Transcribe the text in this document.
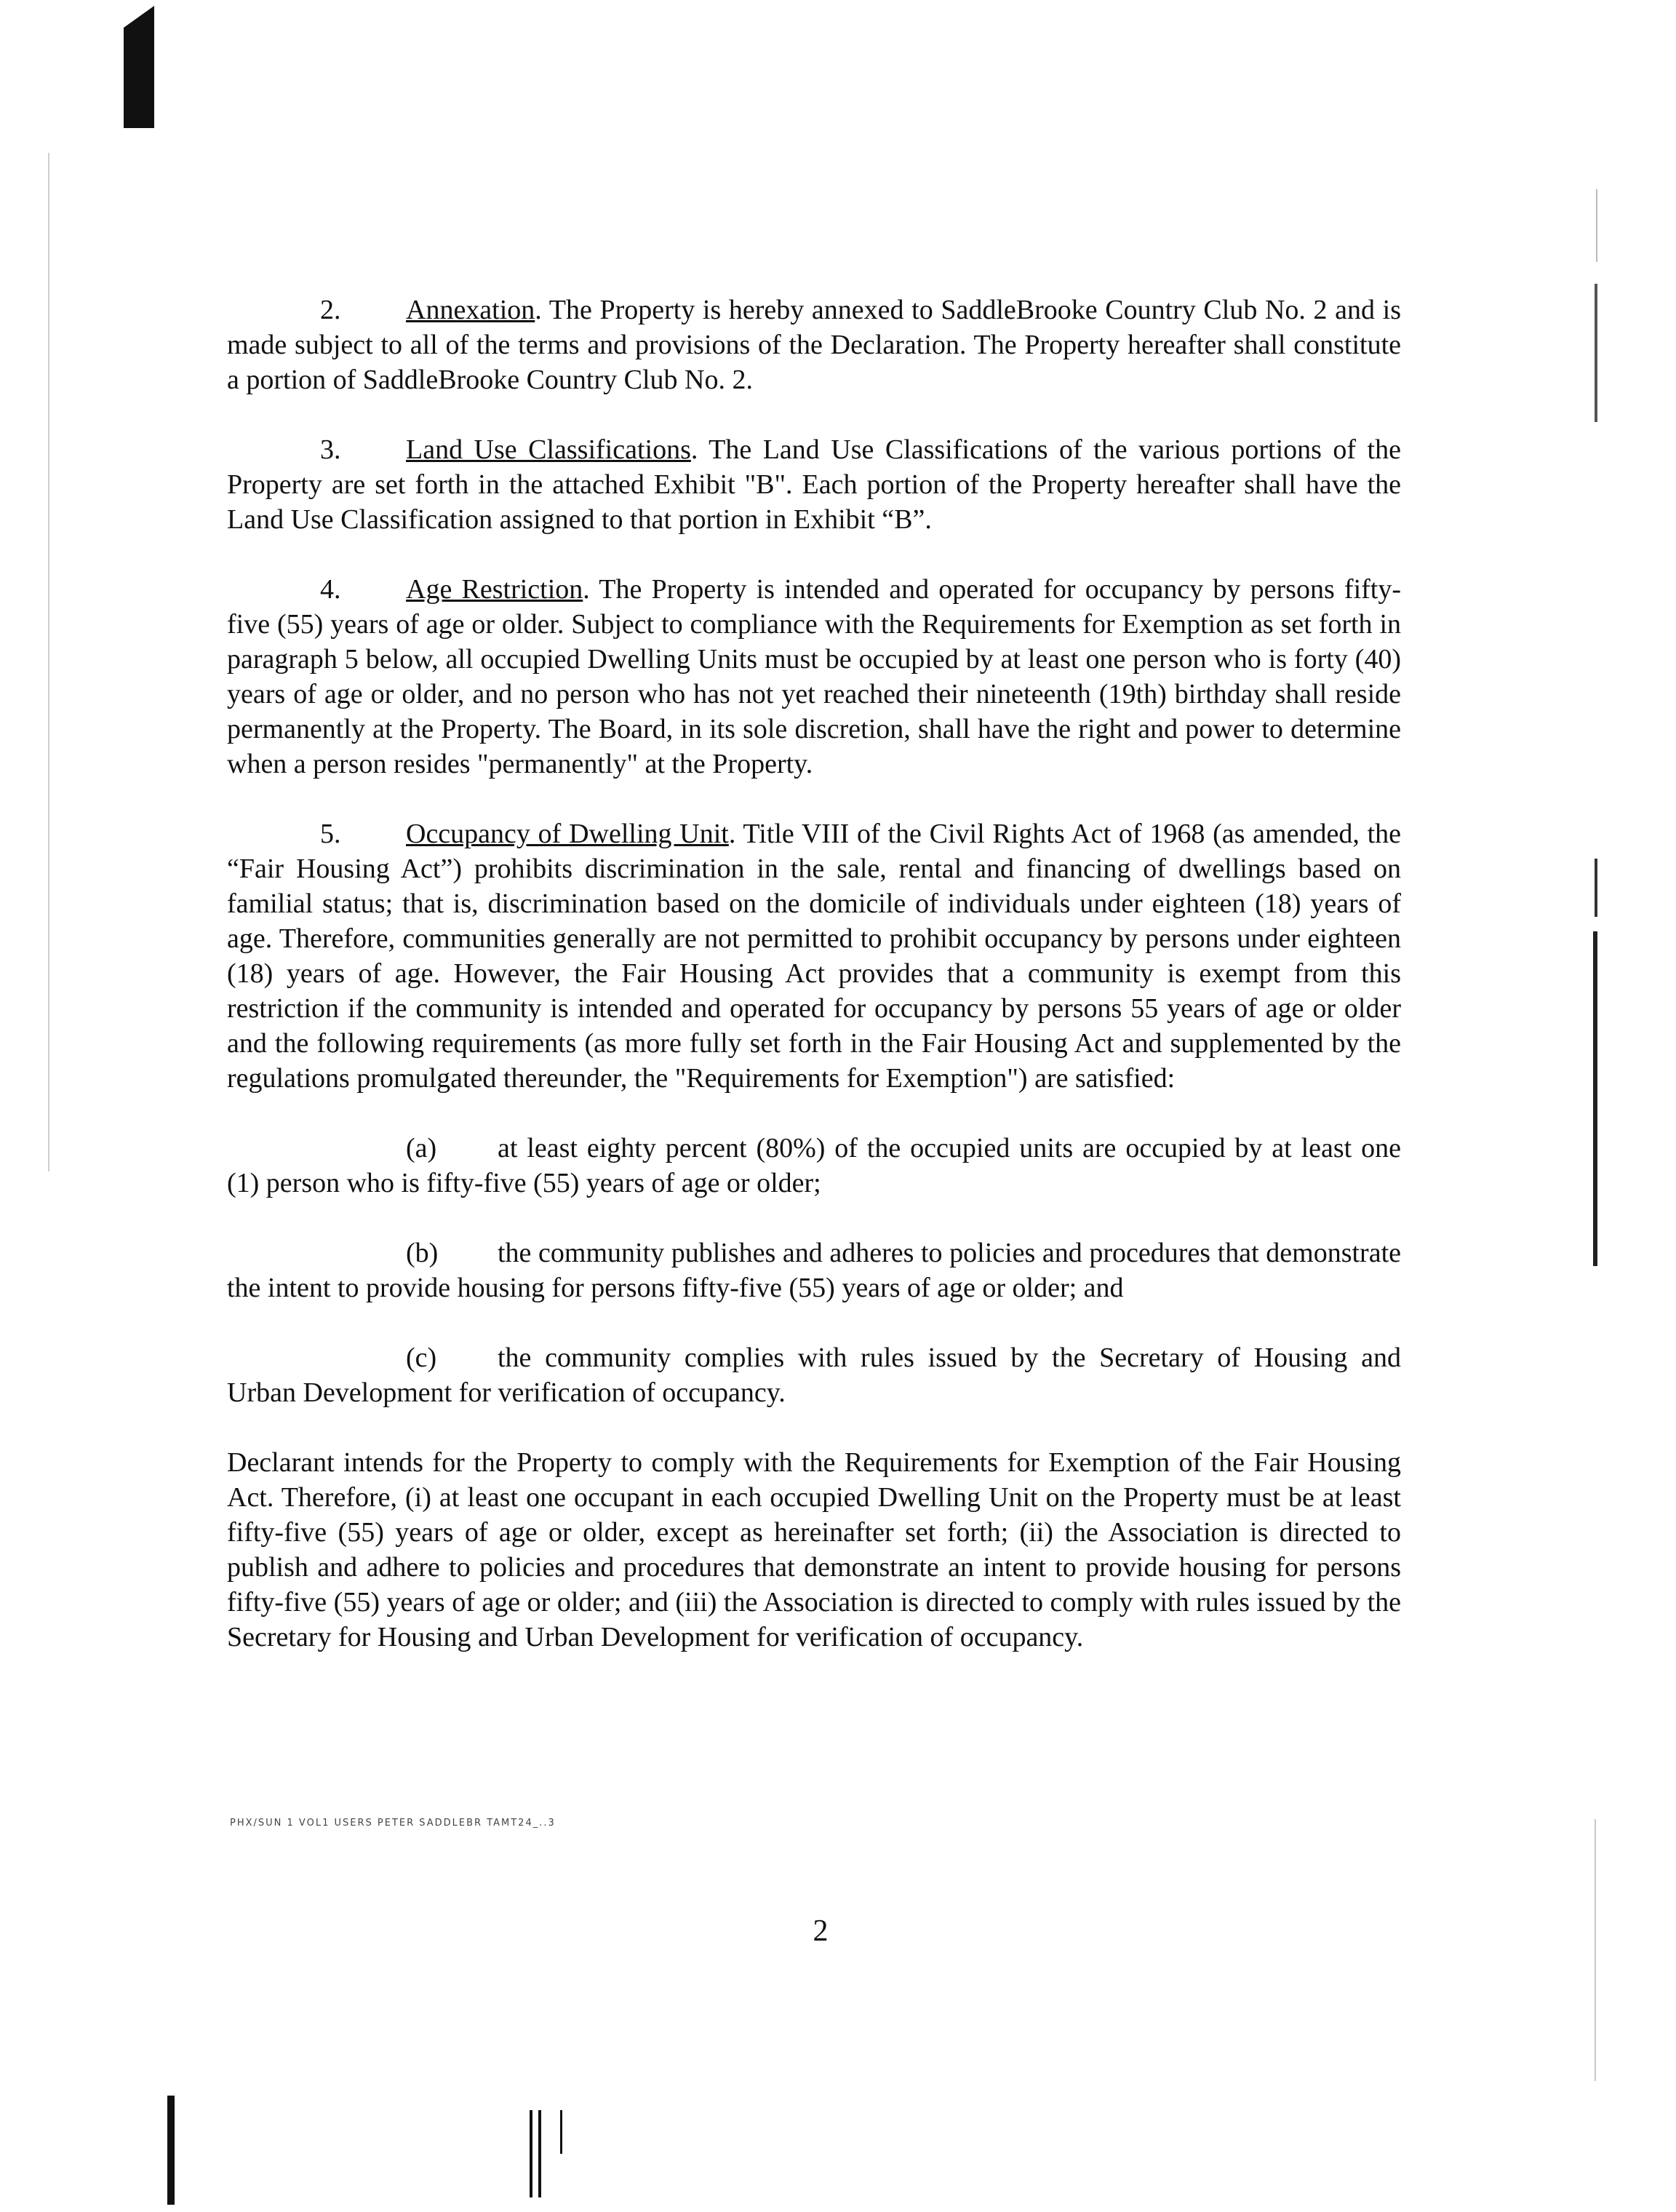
2. Annexation. The Property is hereby annexed to SaddleBrooke Country Club No. 2 and is made subject to all of the terms and provisions of the Declaration. The Property hereafter shall constitute a portion of SaddleBrooke Country Club No. 2.

3. Land Use Classifications. The Land Use Classifications of the various portions of the Property are set forth in the attached Exhibit "B". Each portion of the Property hereafter shall have the Land Use Classification assigned to that portion in Exhibit “B”.

4. Age Restriction. The Property is intended and operated for occupancy by persons fifty-five (55) years of age or older. Subject to compliance with the Requirements for Exemption as set forth in paragraph 5 below, all occupied Dwelling Units must be occupied by at least one person who is forty (40) years of age or older, and no person who has not yet reached their nineteenth (19th) birthday shall reside permanently at the Property. The Board, in its sole discretion, shall have the right and power to determine when a person resides "permanently" at the Property.

5. Occupancy of Dwelling Unit. Title VIII of the Civil Rights Act of 1968 (as amended, the “Fair Housing Act”) prohibits discrimination in the sale, rental and financing of dwellings based on familial status; that is, discrimination based on the domicile of individuals under eighteen (18) years of age. Therefore, communities generally are not permitted to prohibit occupancy by persons under eighteen (18) years of age. However, the Fair Housing Act provides that a community is exempt from this restriction if the community is intended and operated for occupancy by persons 55 years of age or older and the following requirements (as more fully set forth in the Fair Housing Act and supplemented by the regulations promulgated thereunder, the "Requirements for Exemption") are satisfied:

(a) at least eighty percent (80%) of the occupied units are occupied by at least one (1) person who is fifty-five (55) years of age or older;

(b) the community publishes and adheres to policies and procedures that demonstrate the intent to provide housing for persons fifty-five (55) years of age or older; and

(c) the community complies with rules issued by the Secretary of Housing and Urban Development for verification of occupancy.

Declarant intends for the Property to comply with the Requirements for Exemption of the Fair Housing Act. Therefore, (i) at least one occupant in each occupied Dwelling Unit on the Property must be at least fifty-five (55) years of age or older, except as hereinafter set forth; (ii) the Association is directed to publish and adhere to policies and procedures that demonstrate an intent to provide housing for persons fifty-five (55) years of age or older; and (iii) the Association is directed to comply with rules issued by the Secretary for Housing and Urban Development for verification of occupancy.

PHX/SUN 1 VOL1 USERS PETER SADDLEBR TAMT24_..3
2
